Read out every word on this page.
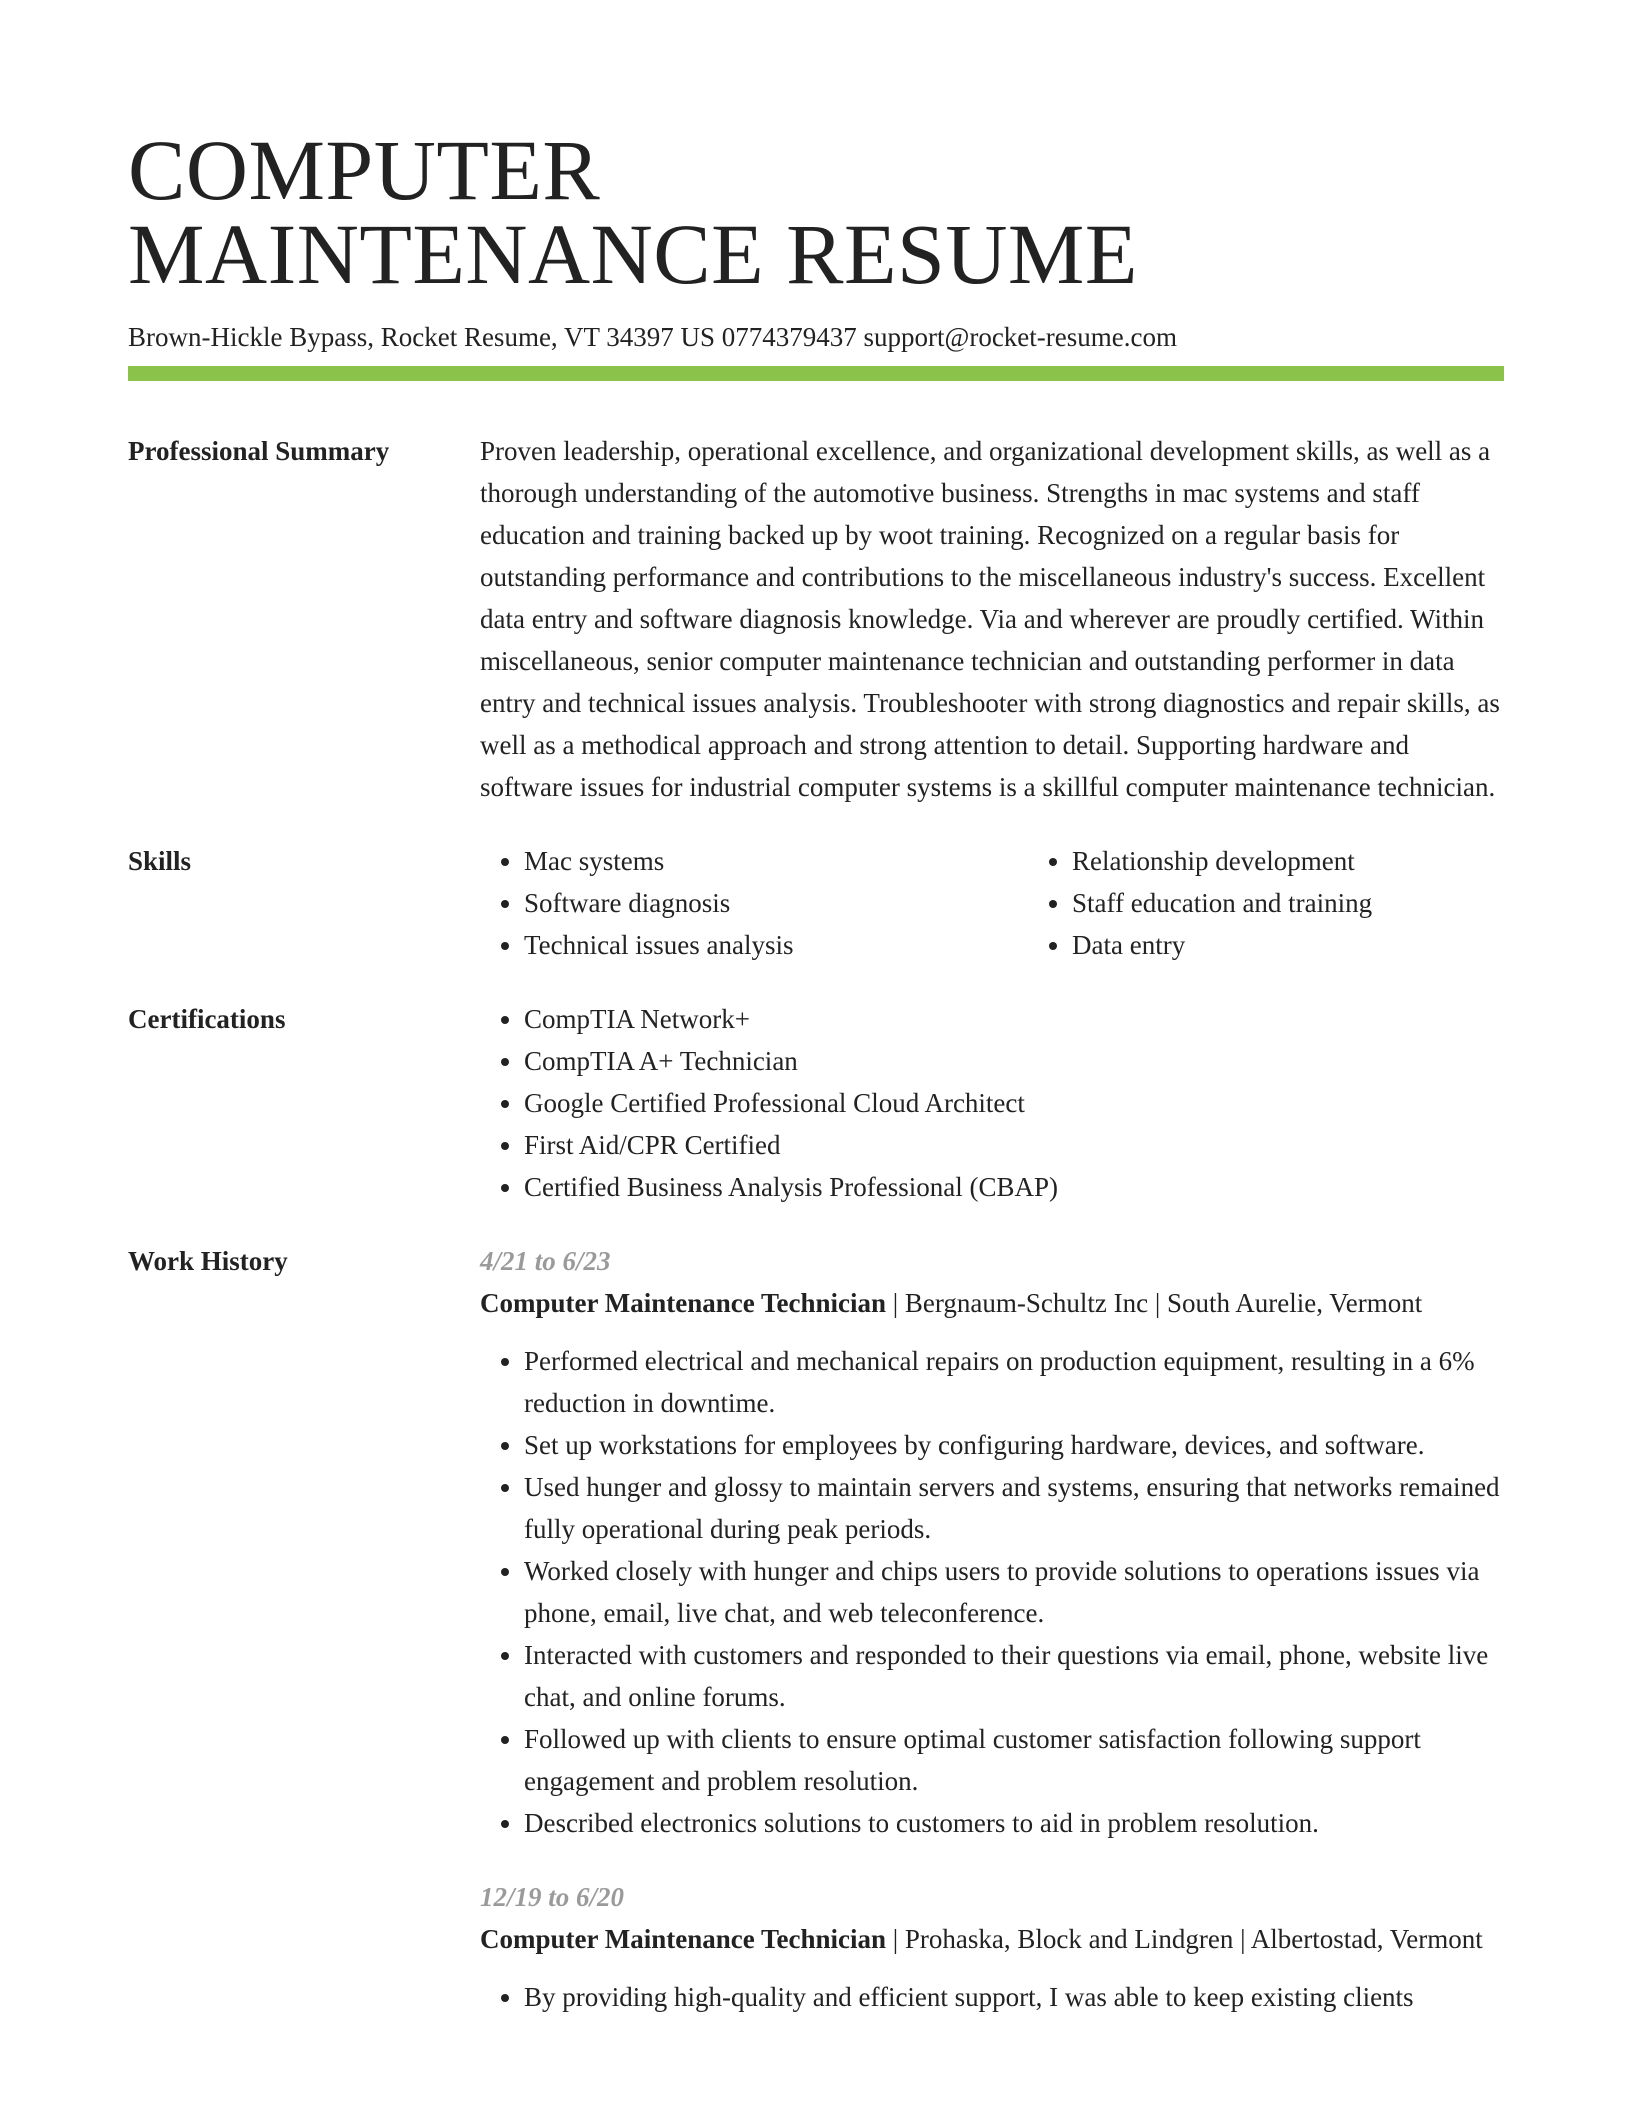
COMPUTER
MAINTENANCE RESUME
Brown-Hickle Bypass, Rocket Resume, VT 34397 US 0774379437 support@rocket-resume.com
Professional Summary	Proven leadership, operational excellence, and organizational development skills, as well as a thorough understanding of the automotive business. Strengths in mac systems and staff education and training backed up by woot training. Recognized on a regular basis for outstanding performance and contributions to the miscellaneous industry's success. Excellent data entry and software diagnosis knowledge. Via and wherever are proudly certified. Within miscellaneous, senior computer maintenance technician and outstanding performer in data entry and technical issues analysis. Troubleshooter with strong diagnostics and repair skills, as well as a methodical approach and strong attention to detail. Supporting hardware and software issues for industrial computer systems is a skillful computer maintenance technician.

Skills	• Mac systems
• Software diagnosis
• Technical issues analysis
• Relationship development
• Staff education and training
• Data entry
Certifications	• CompTIA Network+
• CompTIA A+ Technician
• Google Certified Professional Cloud Architect
• First Aid/CPR Certified
• Certified Business Analysis Professional (CBAP)
Work History	4/21 to 6/23
Computer Maintenance Technician | Bergnaum-Schultz Inc | South Aurelie, Vermont
• Performed electrical and mechanical repairs on production equipment, resulting in a 6% reduction in downtime.
• Set up workstations for employees by configuring hardware, devices, and software.
• Used hunger and glossy to maintain servers and systems, ensuring that networks remained fully operational during peak periods.
• Worked closely with hunger and chips users to provide solutions to operations issues via phone, email, live chat, and web teleconference.
• Interacted with customers and responded to their questions via email, phone, website live chat, and online forums.
• Followed up with clients to ensure optimal customer satisfaction following support engagement and problem resolution.
• Described electronics solutions to customers to aid in problem resolution.
12/19 to 6/20
Computer Maintenance Technician | Prohaska, Block and Lindgren | Albertostad, Vermont
• By providing high-quality and efficient support, I was able to keep existing clients
